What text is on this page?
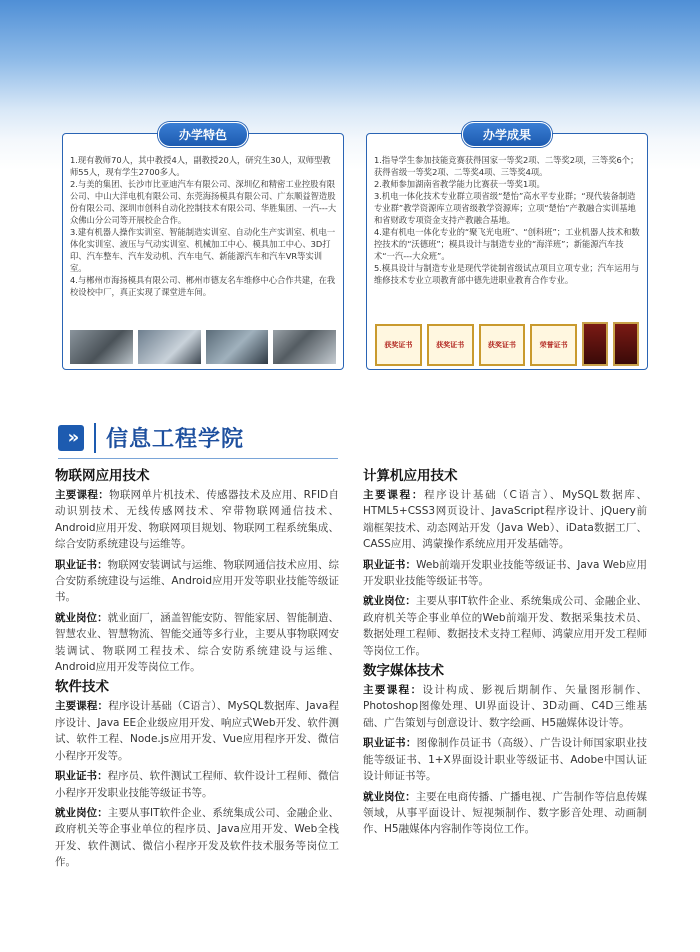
办学特色

1.现有教师70人，其中教授4人，副教授20人，研究生30人，双师型教师55人，现有学生2700多人。

2.与美的集团、长沙市比亚迪汽车有限公司、深圳亿和精密工业控股有限公司、中山大洋电机有限公司、东莞海扬模具有限公司、广东顺益智造股份有限公司、深圳市创科自动化控制技术有限公司、华胜集团、一汽---大众佛山分公司等开展校企合作。

3.建有机器人操作实训室、智能制造实训室、自动化生产实训室、机电一体化实训室、液压与气动实训室、机械加工中心、模具加工中心、3D打印、汽车整车、汽车发动机、汽车电气、新能源汽车和汽车VR等实训室。

4.与郴州市海扬模具有限公司、郴州市德友名车维修中心合作共建，在我校设校中厂，真正实现了课堂进车间。

办学成果

1.指导学生参加技能竞赛获得国家一等奖2项、二等奖2项，三等奖6个；获得省级一等奖2项、二等奖4项、三等奖4项。

2.教师参加湖南省教学能力比赛获一等奖1项。

3.机电一体化技术专业群立项省级“楚怡”高水平专业群；“现代装备制造专业群”教学资源库立项省级教学资源库；立项“楚怡”产教融合实训基地和省财政专项资金支持产教融合基地。

4.建有机电一体化专业的“聚飞光电班”、“创科班”；工业机器人技术和数控技术的“沃德班”；模具设计与制造专业的“海洋班”；新能源汽车技术“一汽---大众班”。

5.模具设计与制造专业是现代学徒制省级试点项目立项专业；汽车运用与维修技术专业立项教育部中德先进职业教育合作专业。

获奖证书	获奖证书	获奖证书	荣誉证书
» 信息工程学院
物联网应用技术

主要课程：物联网单片机技术、传感器技术及应用、RFID自动识别技术、无线传感网技术、窄带物联网通信技术、Android应用开发、物联网项目规划、物联网工程系统集成、综合安防系统建设与运维等。

职业证书：物联网安装调试与运维、物联网通信技术应用、综合安防系统建设与运维、Android应用开发等职业技能等级证书。

就业岗位：就业面厂，涵盖智能安防、智能家居、智能制造、智慧农业、智慧物流、智能交通等多行业，主要从事物联网安装调试、物联网工程技术、综合安防系统建设与运维、Android应用开发等岗位工作。

软件技术

主要课程：程序设计基础（C语言）、MySQL数据库、Java程序设计、Java EE企业级应用开发、响应式Web开发、软件测试、软件工程、Node.js应用开发、Vue应用程序开发、微信小程序开发等。

职业证书：程序员、软件测试工程师、软件设计工程师、微信小程序开发职业技能等级证书等。

就业岗位：主要从事IT软件企业、系统集成公司、金融企业、政府机关等企事业单位的程序员、Java应用开发、Web全栈开发、软件测试、微信小程序开发及软件技术服务等岗位工作。

计算机应用技术

主要课程：程序设计基础（C语言）、MySQL数据库、HTML5+CSS3网页设计、JavaScript程序设计、jQuery前端框架技术、动态网站开发（Java Web）、iData数据工厂、CASS应用、鸿蒙操作系统应用开发基础等。

职业证书：Web前端开发职业技能等级证书、Java Web应用开发职业技能等级证书等。

就业岗位：主要从事IT软件企业、系统集成公司、金融企业、政府机关等企事业单位的Web前端开发、数据采集技术员、数据处理工程师、数据技术支持工程师、鸿蒙应用开发工程师等岗位工作。

数字媒体技术

主要课程：设计构成、影视后期制作、矢量图形制作、Photoshop图像处理、UI界面设计、3D动画、C4D三维基础、广告策划与创意设计、数字绘画、H5融媒体设计等。

职业证书：图像制作员证书（高级）、广告设计师国家职业技能等级证书、1+X界面设计职业等级证书、Adobe中国认证设计师证书等。

就业岗位：主要在电商传播、广播电视、广告制作等信息传媒领域，从事平面设计、短视频制作、数字影音处理、动画制作、H5融媒体内容制作等岗位工作。
